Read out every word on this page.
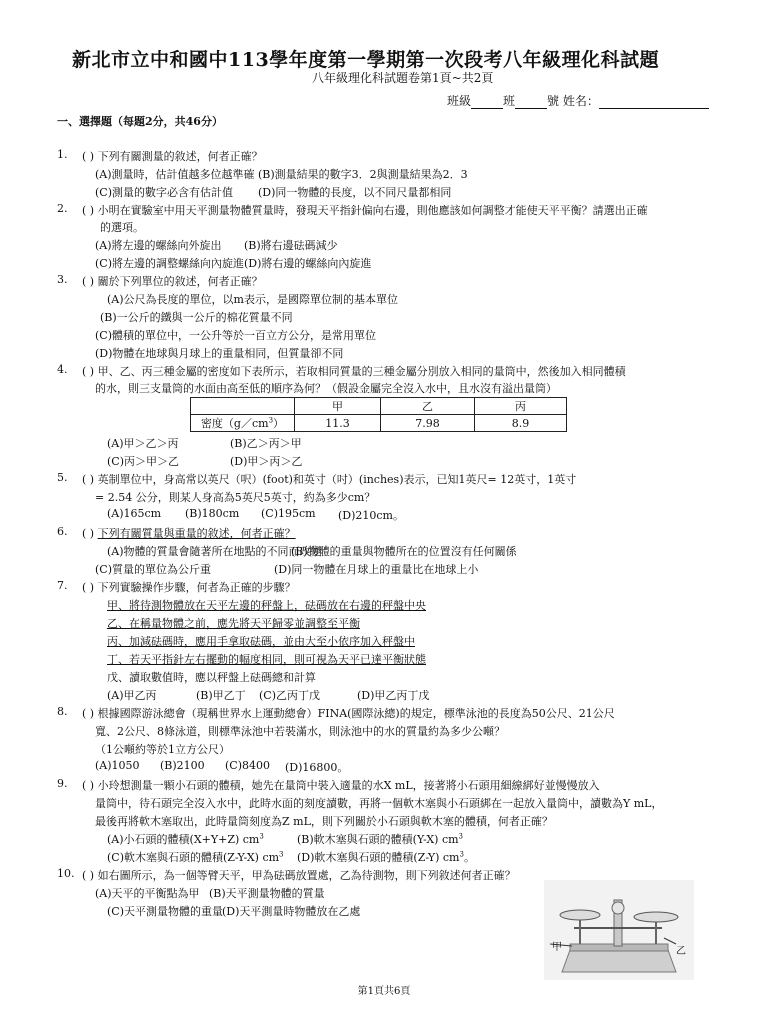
新北市立中和國中113學年度第一學期第一次段考八年級理化科試題
八年級理化科試題卷第1頁~共2頁
班級	班	號 姓名：
一、選擇題（每題2分，共46分）
1.	( ) 下列有關測量的敘述，何者正確？
(A)測量時，估計值越多位越準確 (B)測量結果的數字3．2與測量結果為2．3
(C)測量的數字必含有估計值 (D)同一物體的長度，以不同尺量都相同
2.	( ) 小明在實驗室中用天平測量物體質量時，發現天平指針偏向右邊，則他應該如何調整才能使天平平衡？請選出正確
的選項。
(A)將左邊的螺絲向外旋出 (B)將右邊砝碼減少
(C)將左邊的調整螺絲向內旋進 (D)將右邊的螺絲向內旋進
3.	( ) 關於下列單位的敘述，何者正確？
(A)公尺為長度的單位，以m表示，是國際單位制的基本單位
(B)一公斤的鐵與一公斤的棉花質量不同
(C)體積的單位中，一公升等於一百立方公分，是常用單位
(D)物體在地球與月球上的重量相同，但質量卻不同
4.	( ) 甲、乙、丙三種金屬的密度如下表所示，若取相同質量的三種金屬分別放入相同的量筒中，然後加入相同體積
的水，則三支量筒的水面由高至低的順序為何？（假設金屬完全沒入水中，且水沒有溢出量筒）
	甲	乙	丙
密度$(g/cm^3)$	11.3	7.98	8.9
(A)甲＞乙＞丙	(B)乙＞丙＞甲
(C)丙＞甲＞乙	(D)甲＞丙＞乙
5.	( ) 英制單位中，身高常以英尺（呎）(foot)和英寸（吋）(inches)表示，已知1英尺= 12英寸，1英寸
= 2.54 公分，則某人身高為5英尺5英寸，約為多少cm？
(A)165cm (B)180cm (C)195cm (D)210cm。
6.	( ) 下列有關質量與重量的敘述，何者正確？
(A)物體的質量會隨著所在地點的不同而改變
(B)物體的重量與物體所在的位置沒有任何關係
(C)質量的單位為公斤重	(D)同一物體在月球上的重量比在地球上小
7.	( ) 下列實驗操作步驟，何者為正確的步驟？
甲、將待測物體放在天平左邊的秤盤上，砝碼放在右邊的秤盤中央
乙、在稱量物體之前，應先將天平歸零並調整至平衡
丙、加減砝碼時，應用手拿取砝碼，並由大至小依序加入秤盤中
丁、若天平指針左右擺動的幅度相同，則可視為天平已達平衡狀態
戊、讀取數值時，應以秤盤上砝碼總和計算
(A)甲乙丙	(B)甲乙丁 (C)乙丙丁戊	(D)甲乙丙丁戊
8.	( ) 根據國際游泳總會（現稱世界水上運動總會）FINA(國際泳總)的規定，標準泳池的長度為50公尺、21公尺
寬、2公尺、8條泳道，則標準泳池中若裝滿水，則泳池中的水的質量約為多少公噸？
（1公噸約等於1立方公尺）
(A)1050 (B)2100 (C)8400 (D)16800。
9.	( ) 小玲想測量一顆小石頭的體積，她先在量筒中裝入適量的水X mL，接著將小石頭用細線綁好並慢慢放入
量筒中，待石頭完全沒入水中，此時水面的刻度讀數，再將一個軟木塞與小石頭綁在一起放入量筒中，讀數為Y mL，
最後再將軟木塞取出，此時量筒刻度為Z mL，則下列關於小石頭與軟木塞的體積，何者正確？
(A)小石頭的體積(X+Y+Z) $cm^3$	(B)軟木塞與石頭的體積(Y-X) $cm^3$
(C)軟木塞與石頭的體積(Z-Y-X) $cm^3$ (D)軟木塞與石頭的體積(Z-Y) $cm^3$。
10. ( ) 如右圖所示，為一個等臂天平，甲為砝碼放置處，乙為待測物，則下列敘述何者正確？
(A)天平的平衡點為甲 (B)天平測量物體的質量
(C)天平測量物體的重量 (D)天平測量時物體放在乙處
甲	乙
第1頁共6頁
